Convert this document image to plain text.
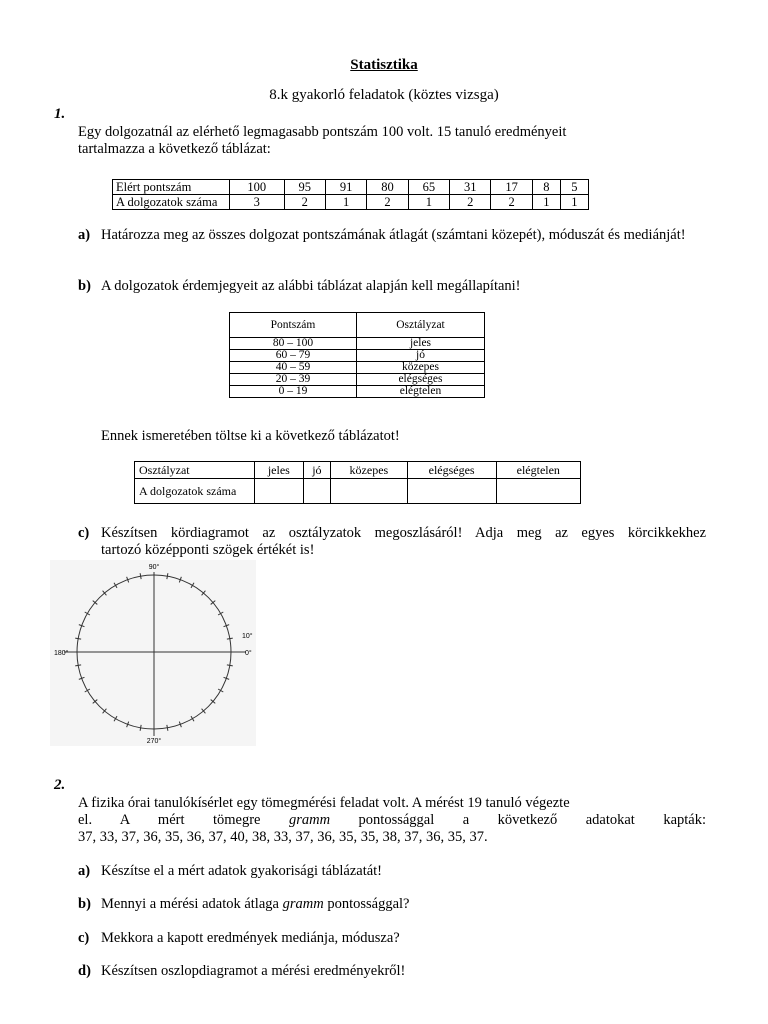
Statisztika
8.k gyakorló feladatok (köztes vizsga)
1.
Egy dolgozatnál az elérhető legmagasabb pontszám 100 volt. 15 tanuló eredményeit
tartalmazza a következő táblázat:
Elért pontszám	100	95	91	80	65	31	17	8	5
A dolgozatok száma	3	2	1	2	1	2	2	1	1
a) Határozza meg az összes dolgozat pontszámának átlagát (számtani közepét), móduszát és mediánját!
b) A dolgozatok érdemjegyeit az alábbi táblázat alapján kell megállapítani!
Pontszám	Osztályzat
80 – 100	jeles
60 – 79	jó
40 – 59	közepes
20 – 39	elégséges
0 – 19	elégtelen
Ennek ismeretében töltse ki a következő táblázatot!
Osztályzat	jeles	jó	közepes	elégséges	elégtelen
A dolgozatok száma					
c) Készítsen kördiagramot az osztályzatok megoszlásáról! Adja meg az egyes körcikkekhez
tartozó középponti szögek értékét is!
90°
180°	0°
10°
270°
2.
A fizika órai tanulókísérlet egy tömegmérési feladat volt. A mérést 19 tanuló végezte
el. A mért tömegre gramm pontossággal a következő adatokat kapták:
37, 33, 37, 36, 35, 36, 37, 40, 38, 33, 37, 36, 35, 35, 38, 37, 36, 35, 37.
a) Készítse el a mért adatok gyakorisági táblázatát!
b) Mennyi a mérési adatok átlaga gramm pontossággal?
c) Mekkora a kapott eredmények mediánja, módusza?
d) Készítsen oszlopdiagramot a mérési eredményekről!
